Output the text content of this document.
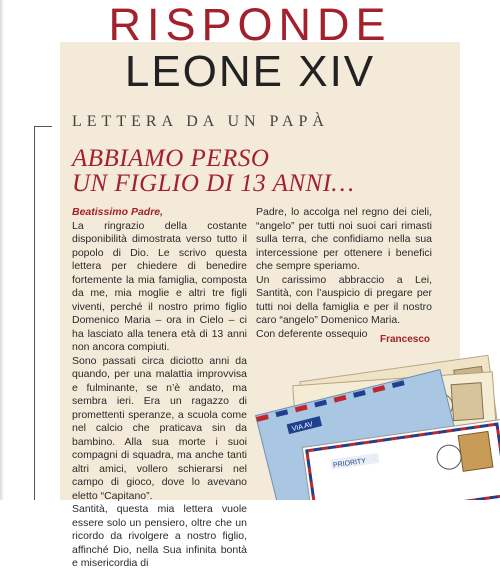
RISPONDE
LEONE XIV
LETTERA DA UN PAPÀ
ABBIAMO PERSO
UN FIGLIO DI 13 ANNI…

Beatissimo Padre,

La ringrazio della costante disponibilità dimostrata verso tutto il popolo di Dio. Le scrivo questa lettera per chiedere di benedire fortemente la mia famiglia, composta da me, mia moglie e altri tre figli viventi, perché il nostro primo figlio Domenico Maria – ora in Cielo – ci ha lasciato alla tenera età di 13 anni non ancora compiuti.

Sono passati circa diciotto anni da quando, per una malattia improvvisa e fulminante, se n’è andato, ma sembra ieri. Era un ragazzo di promettenti speranze, a scuola come nel calcio che praticava sin da bambino. Alla sua morte i suoi compagni di squadra, ma anche tanti altri amici, vollero schierarsi nel campo di gioco, dove lo avevano eletto “Capitano”.

Santità, questa mia lettera vuole essere solo un pensiero, oltre che un ricordo da rivolgere a nostro figlio, affinché Dio, nella Sua infinita bontà e misericordia di

Padre, lo accolga nel regno dei cieli, “angelo” per tutti noi suoi cari rimasti sulla terra, che confidiamo nella sua intercessione per ottenere i benefici che sempre speriamo.

Un carissimo abbraccio a Lei, Santità, con l’auspicio di pregare per tutti noi della famiglia e per il nostro caro “angelo” Domenico Maria.

Con deferente ossequio	Francesco
VIA AV
PRIORITY
